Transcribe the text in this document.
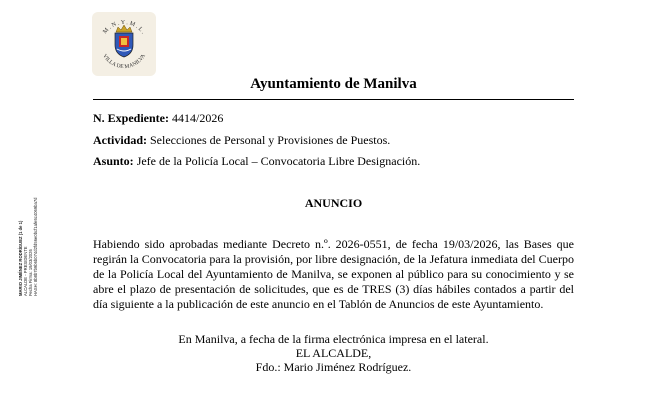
M . N . Y . M . L .
VILLA DE MANILVA
MARIO JIMÉNEZ RODRÍGUEZ (1 de 1) ALCALDE - PRESIDENTE Fecha Firma: 19/03/2026 HASH: 8b8b7b9b6b074d2fd56e0bcf1afe5c4069ba7d
Ayuntamiento de Manilva
N. Expediente: 4414/2026
Actividad: Selecciones de Personal y Provisiones de Puestos.
Asunto: Jefe de la Policía Local – Convocatoria Libre Designación.
ANUNCIO
Habiendo sido aprobadas mediante Decreto n.º. 2026-0551, de fecha 19/03/2026, las Bases que regirán la Convocatoria para la provisión, por libre designación, de la Jefatura inmediata del Cuerpo de la Policía Local del Ayuntamiento de Manilva, se exponen al público para su conocimiento y se abre el plazo de presentación de solicitudes, que es de TRES (3) días hábiles contados a partir del día siguiente a la publicación de este anuncio en el Tablón de Anuncios de este Ayuntamiento.
En Manilva, a fecha de la firma electrónica impresa en el lateral.
EL ALCALDE,
Fdo.: Mario Jiménez Rodríguez.
